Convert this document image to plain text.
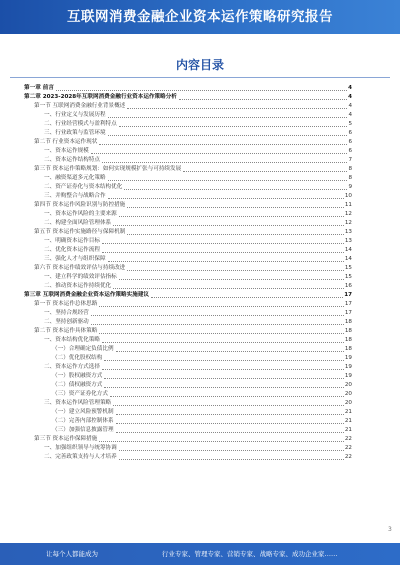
互联网消费金融企业资本运作策略研究报告
内容目录
第一章 前言	4
第二章 2023-2028年互联网消费金融行业资本运作策略分析	4
第一节 互联网消费金融行业背景概述	4
一、行业定义与发展历程	4
二、行业经营模式与盈利特点	5
三、行业政策与监管环境	6
第二节 行业资本运作现状	6
一、资本运作规模	6
二、资本运作结构特点	7
第三节 资本运作策略规划：如何实现规模扩张与可持续发展	8
一、融资渠道多元化策略	8
二、资产证券化与资本结构优化	9
三、并购整合与战略合作	10
第四节 资本运作风险识别与防控措施	11
一、资本运作风险的主要来源	12
二、构建全面风险管理体系	12
第五节 资本运作实施路径与保障机制	13
一、明确资本运作目标	13
二、优化资本运作流程	14
三、强化人才与组织保障	14
第六节 资本运作绩效评估与持续改进	15
一、建立科学的绩效评估指标	15
二、推动资本运作持续优化	16
第三章 互联网消费金融企业资本运作策略实施建议	17
第一节 资本运作总体思路	17
一、坚持合规经营	17
二、坚持创新驱动	18
第二节 资本运作具体策略	18
一、资本结构优化策略	18
（一）合理确定负债比例	18
（二）优化股权结构	19
二、资本运作方式选择	19
（一）股权融资方式	19
（二）债权融资方式	20
（三）资产证券化方式	20
三、资本运作风险管理策略	20
（一）建立风险预警机制	21
（二）完善内部控制体系	21
（三）加强信息披露管理	21
第三节 资本运作保障措施	22
一、加强组织领导与统筹协调	22
二、完善政策支持与人才培养	22
3
让每个人都能成为	行业专家、管理专家、营销专家、战略专家、成功企业家……
